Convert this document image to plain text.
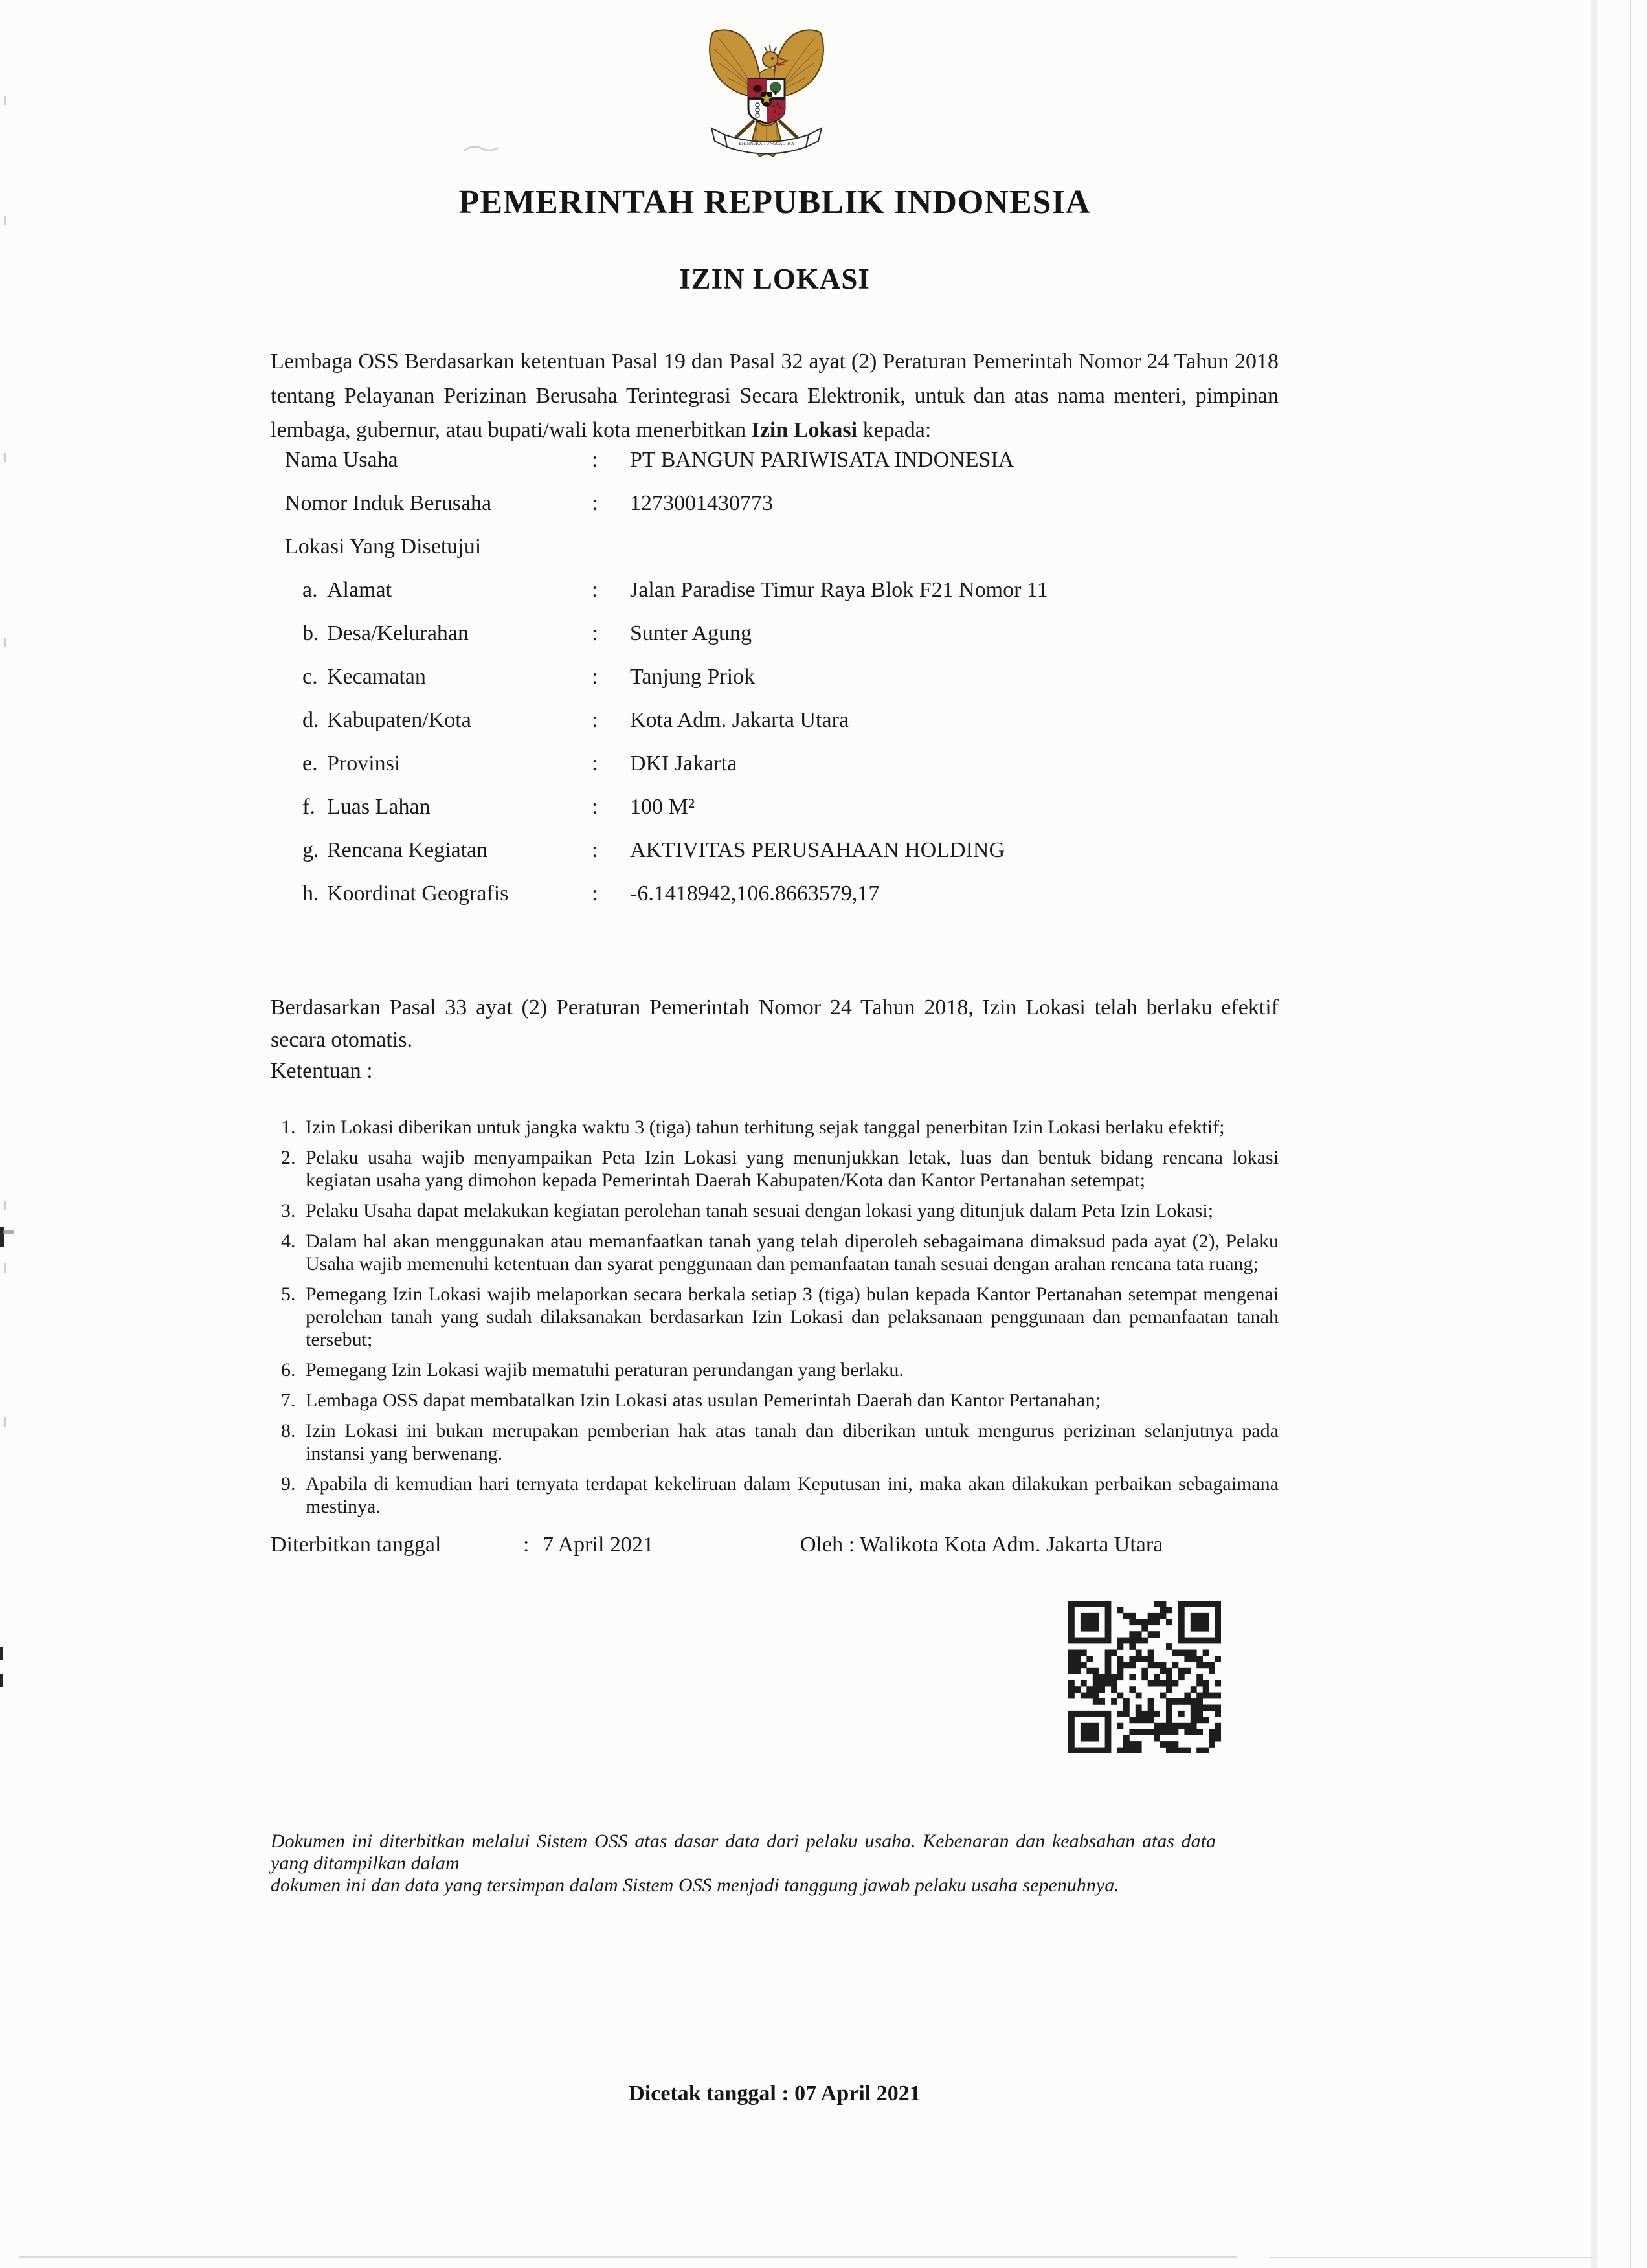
BHINNEKA TUNGGAL IKA
PEMERINTAH REPUBLIK INDONESIA
IZIN LOKASI

Lembaga OSS Berdasarkan ketentuan Pasal 19 dan Pasal 32 ayat (2) Peraturan Pemerintah Nomor 24 Tahun 2018 tentang Pelayanan Perizinan Berusaha Terintegrasi Secara Elektronik, untuk dan atas nama menteri, pimpinan lembaga, gubernur, atau bupati/wali kota menerbitkan Izin Lokasi kepada:

Nama Usaha	: PT BANGUN PARIWISATA INDONESIA
Nomor Induk Berusaha	: 1273001430773
Lokasi Yang Disetujui
a. Alamat	: Jalan Paradise Timur Raya Blok F21 Nomor 11
b. Desa/Kelurahan	: Sunter Agung
c. Kecamatan	: Tanjung Priok
d. Kabupaten/Kota	: Kota Adm. Jakarta Utara
e. Provinsi	: DKI Jakarta
f. Luas Lahan	: 100 M²
g. Rencana Kegiatan	: AKTIVITAS PERUSAHAAN HOLDING
h. Koordinat Geografis	: -6.1418942,106.8663579,17

Berdasarkan Pasal 33 ayat (2) Peraturan Pemerintah Nomor 24 Tahun 2018, Izin Lokasi telah berlaku efektif secara otomatis.

Ketentuan :
1. Izin Lokasi diberikan untuk jangka waktu 3 (tiga) tahun terhitung sejak tanggal penerbitan Izin Lokasi berlaku efektif;
2. Pelaku usaha wajib menyampaikan Peta Izin Lokasi yang menunjukkan letak, luas dan bentuk bidang rencana lokasi kegiatan usaha yang dimohon kepada Pemerintah Daerah Kabupaten/Kota dan Kantor Pertanahan setempat;
3. Pelaku Usaha dapat melakukan kegiatan perolehan tanah sesuai dengan lokasi yang ditunjuk dalam Peta Izin Lokasi;
4. Dalam hal akan menggunakan atau memanfaatkan tanah yang telah diperoleh sebagaimana dimaksud pada ayat (2), Pelaku Usaha wajib memenuhi ketentuan dan syarat penggunaan dan pemanfaatan tanah sesuai dengan arahan rencana tata ruang;
5. Pemegang Izin Lokasi wajib melaporkan secara berkala setiap 3 (tiga) bulan kepada Kantor Pertanahan setempat mengenai perolehan tanah yang sudah dilaksanakan berdasarkan Izin Lokasi dan pelaksanaan penggunaan dan pemanfaatan tanah tersebut;
6. Pemegang Izin Lokasi wajib mematuhi peraturan perundangan yang berlaku.
7. Lembaga OSS dapat membatalkan Izin Lokasi atas usulan Pemerintah Daerah dan Kantor Pertanahan;
8. Izin Lokasi ini bukan merupakan pemberian hak atas tanah dan diberikan untuk mengurus perizinan selanjutnya pada instansi yang berwenang.
9. Apabila di kemudian hari ternyata terdapat kekeliruan dalam Keputusan ini, maka akan dilakukan perbaikan sebagaimana mestinya.
Diterbitkan tanggal	: 7 April 2021	Oleh : Walikota Kota Adm. Jakarta Utara
Dokumen ini diterbitkan melalui Sistem OSS atas dasar data dari pelaku usaha. Kebenaran dan keabsahan atas data yang ditampilkan dalam
dokumen ini dan data yang tersimpan dalam Sistem OSS menjadi tanggung jawab pelaku usaha sepenuhnya.
Dicetak tanggal : 07 April 2021
